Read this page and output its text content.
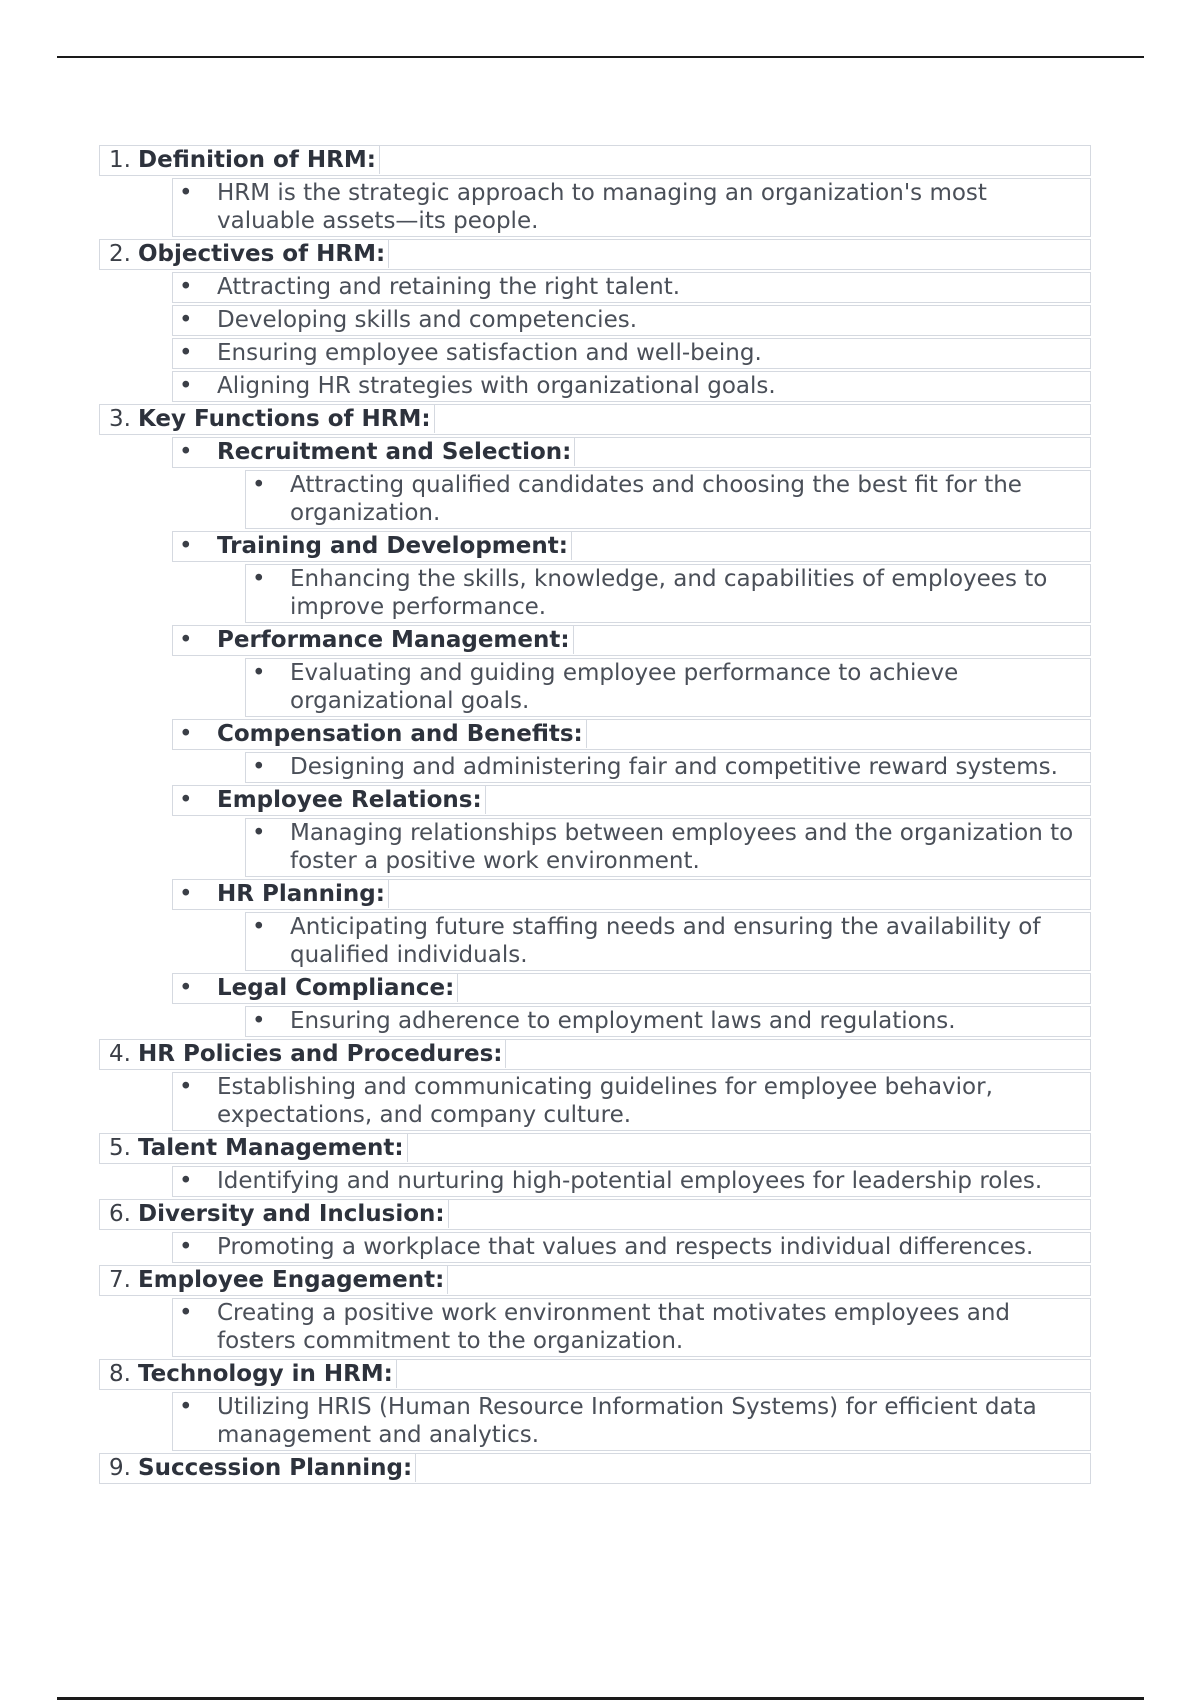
1. Definition of HRM:
•	HRM is the strategic approach to managing an organization's most valuable assets—its people.
2. Objectives of HRM:
•	Attracting and retaining the right talent.
•	Developing skills and competencies.
•	Ensuring employee satisfaction and well-being.
•	Aligning HR strategies with organizational goals.
3. Key Functions of HRM:
•	Recruitment and Selection:
•	Attracting qualified candidates and choosing the best fit for the organization.
•	Training and Development:
•	Enhancing the skills, knowledge, and capabilities of employees to improve performance.
•	Performance Management:
•	Evaluating and guiding employee performance to achieve organizational goals.
•	Compensation and Benefits:
•	Designing and administering fair and competitive reward systems.
•	Employee Relations:
•	Managing relationships between employees and the organization to foster a positive work environment.
•	HR Planning:
•	Anticipating future staffing needs and ensuring the availability of qualified individuals.
•	Legal Compliance:
•	Ensuring adherence to employment laws and regulations.
4. HR Policies and Procedures:
•	Establishing and communicating guidelines for employee behavior, expectations, and company culture.
5. Talent Management:
•	Identifying and nurturing high-potential employees for leadership roles.
6. Diversity and Inclusion:
•	Promoting a workplace that values and respects individual differences.
7. Employee Engagement:
•	Creating a positive work environment that motivates employees and fosters commitment to the organization.
8. Technology in HRM:
•	Utilizing HRIS (Human Resource Information Systems) for efficient data management and analytics.
9. Succession Planning:
